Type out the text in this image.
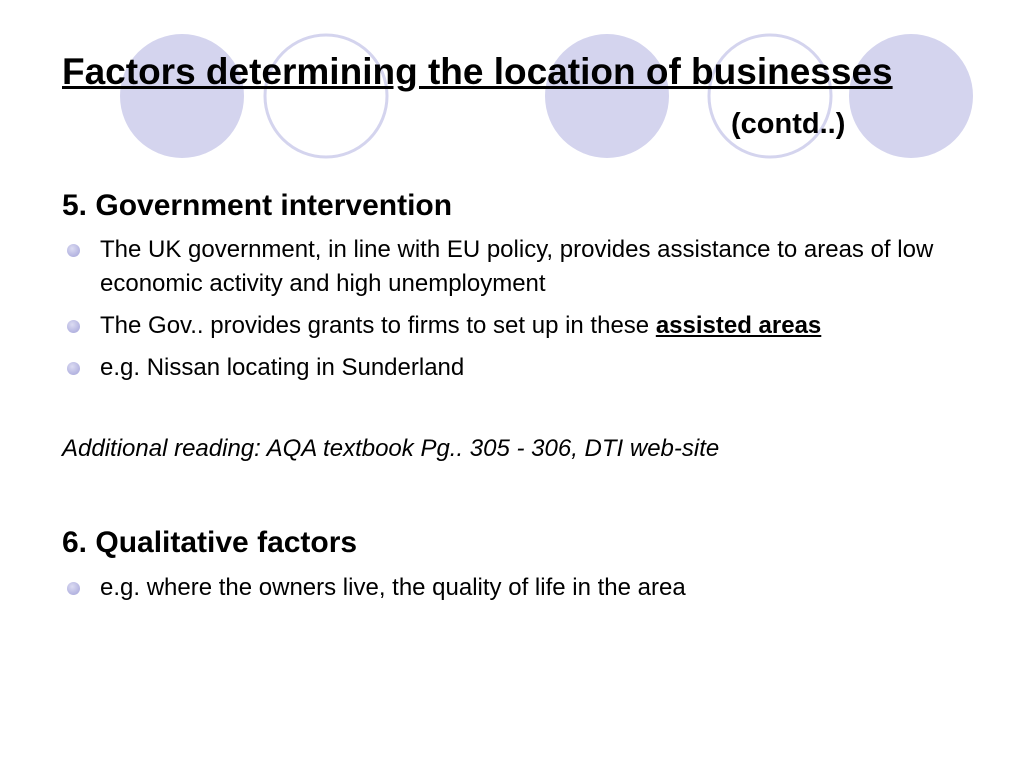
Factors determining the location of businesses
(contd..)
5. Government intervention
The UK government, in line with EU policy, provides assistance to areas of low economic activity and high unemployment
The Gov.. provides grants to firms to set up in these assisted areas
e.g. Nissan locating in Sunderland

Additional reading: AQA textbook Pg.. 305 - 306, DTI web-site

6. Qualitative factors
e.g. where the owners live, the quality of life in the area
